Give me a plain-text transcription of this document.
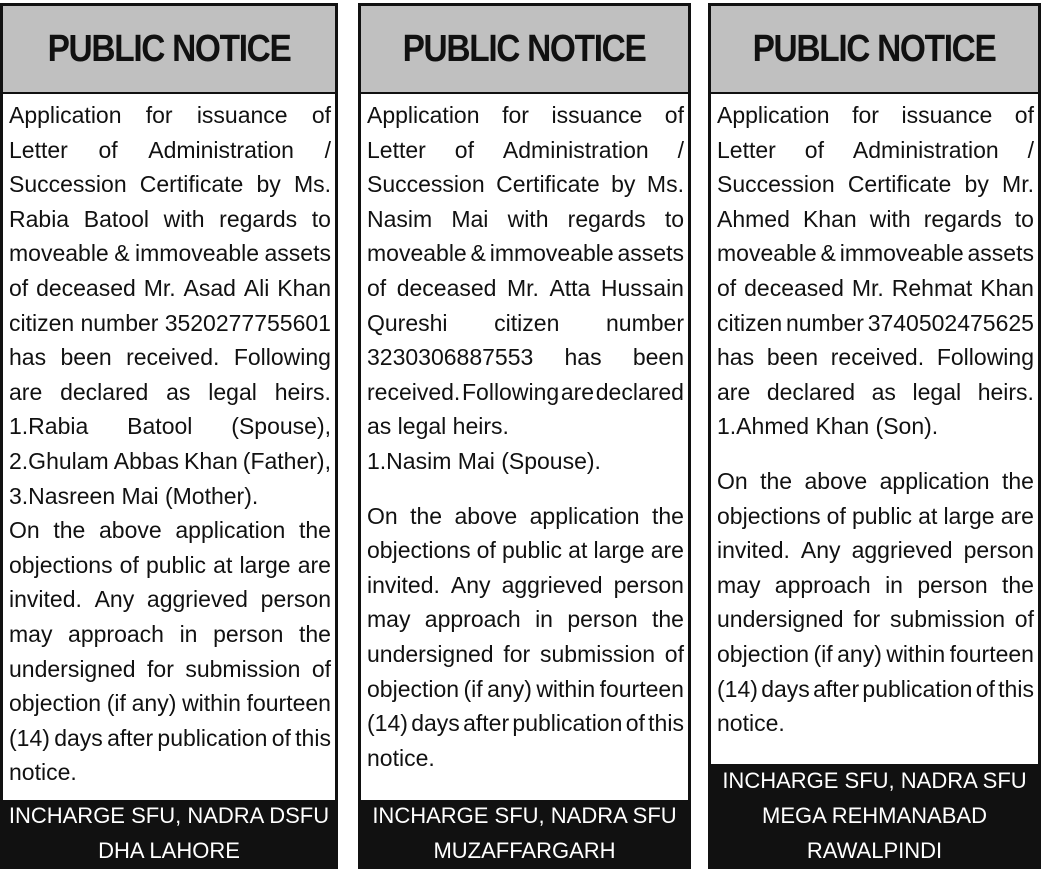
PUBLIC NOTICE
Application for issuance of
Letter of Administration /
Succession Certificate by Ms.
Rabia Batool with regards to
moveable & immoveable assets
of deceased Mr. Asad Ali Khan
citizen number 3520277755601
has been received. Following
are declared as legal heirs.
1.Rabia Batool (Spouse),
2.Ghulam Abbas Khan (Father),
3.Nasreen Mai (Mother).
On the above application the
objections of public at large are
invited. Any aggrieved person
may approach in person the
undersigned for submission of
objection (if any) within fourteen
(14) days after publication of this
notice.
INCHARGE SFU, NADRA DSFU
DHA LAHORE
PUBLIC NOTICE
Application for issuance of
Letter of Administration /
Succession Certificate by Ms.
Nasim Mai with regards to
moveable & immoveable assets
of deceased Mr. Atta Hussain
Qureshi citizen number
3230306887553 has been
received. Following are declared
as legal heirs.
1.Nasim Mai (Spouse).
On the above application the
objections of public at large are
invited. Any aggrieved person
may approach in person the
undersigned for submission of
objection (if any) within fourteen
(14) days after publication of this
notice.
INCHARGE SFU, NADRA SFU
MUZAFFARGARH
PUBLIC NOTICE
Application for issuance of
Letter of Administration /
Succession Certificate by Mr.
Ahmed Khan with regards to
moveable & immoveable assets
of deceased Mr. Rehmat Khan
citizen number 3740502475625
has been received. Following
are declared as legal heirs.
1.Ahmed Khan (Son).
On the above application the
objections of public at large are
invited. Any aggrieved person
may approach in person the
undersigned for submission of
objection (if any) within fourteen
(14) days after publication of this
notice.
INCHARGE SFU, NADRA SFU
MEGA REHMANABAD
RAWALPINDI
